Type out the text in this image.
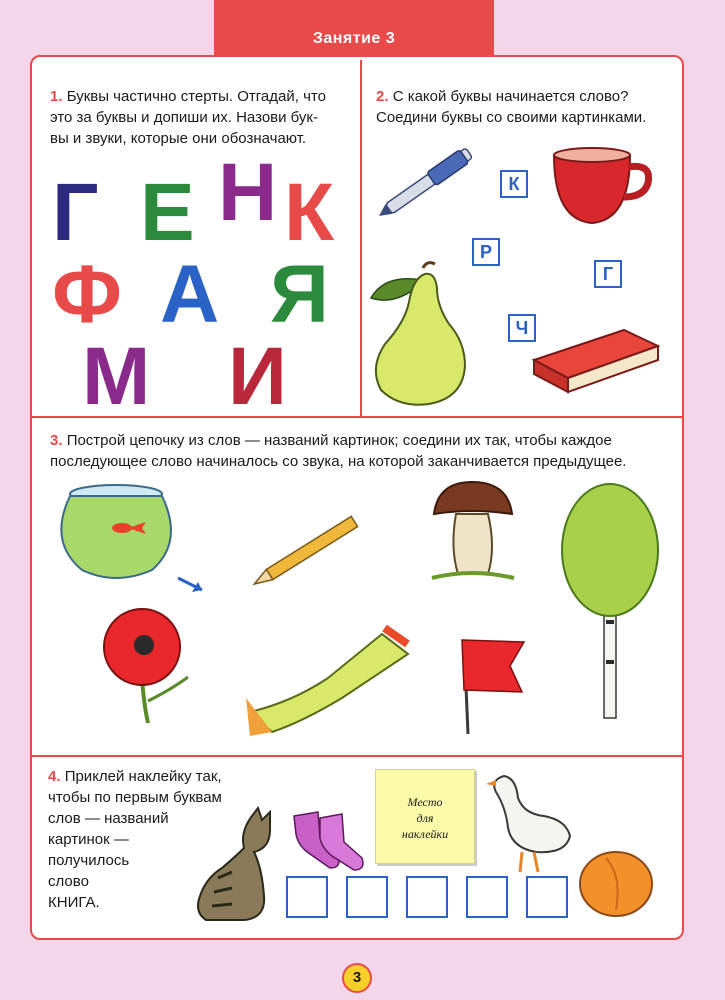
Занятие 3
1. Буквы частично стерты. Отгадай, что
это за буквы и допиши их. Назови бук-
вы и звуки, которые они обозначают.
Г Е Н К
Ф А Я
М И
2. С какой буквы начинается слово?
Соедини буквы со своими картинками.
К
Р
Г
Ч
3. Построй цепочку из слов — названий картинок; соедини их так, чтобы каждое
последующее слово начиналось со звука, на которой заканчивается предыдущее.
4. Приклей наклейку так,
чтобы по первым буквам
слов — названий
картинок —
получилось
слово
КНИГА.
Место
для
наклейки
3
